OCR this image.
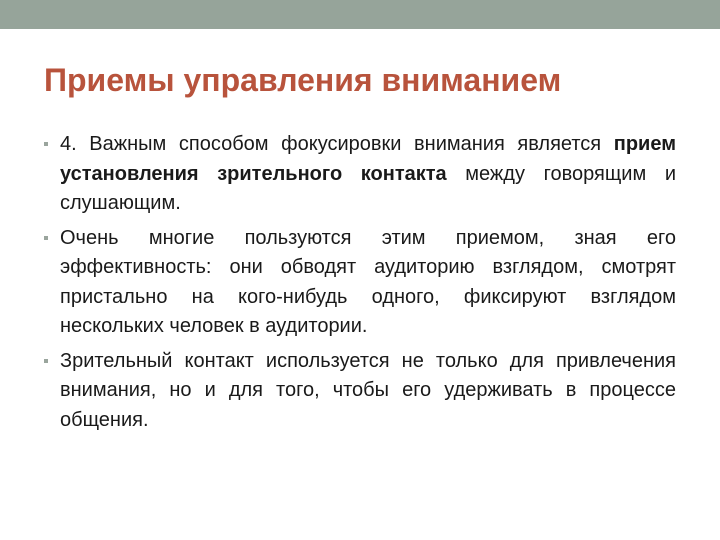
Приемы управления вниманием
4. Важным способом фокусировки внимания является прием установления зрительного контакта между говорящим и слушающим.
Очень многие пользуются этим приемом, зная его эффективность: они обводят аудиторию взглядом, смотрят пристально на кого-нибудь одного, фиксируют взглядом нескольких человек в аудитории.
Зрительный контакт используется не только для привлечения внимания, но и для того, чтобы его удерживать в процессе общения.
